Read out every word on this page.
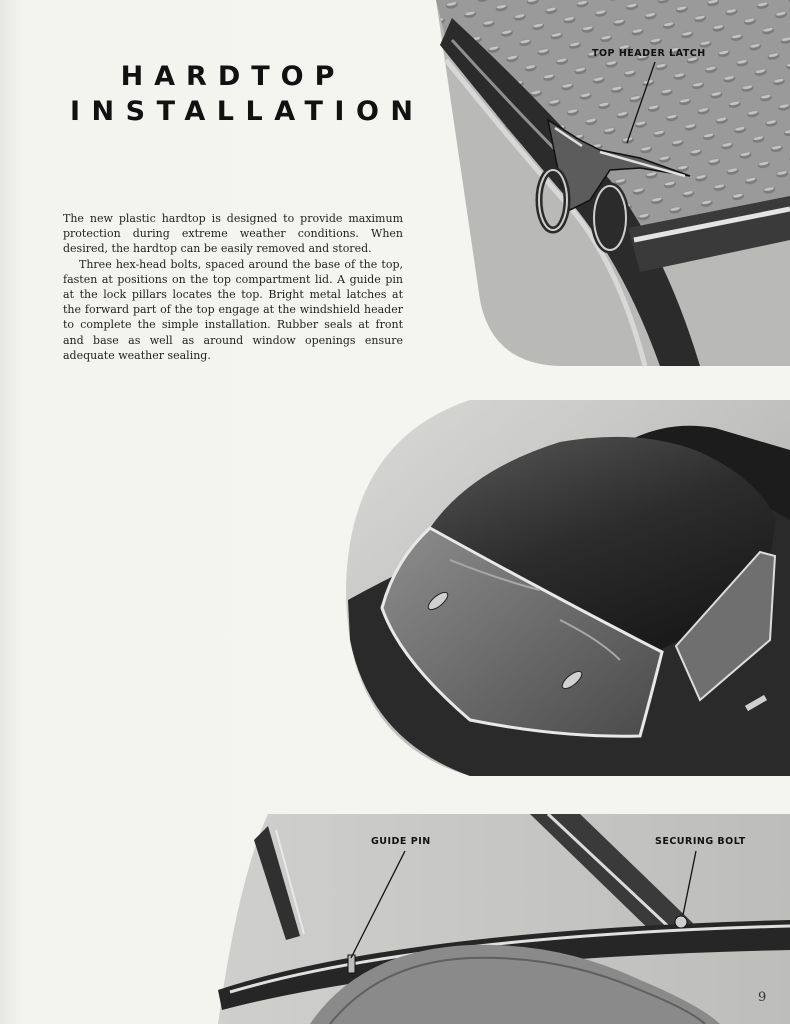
HARDTOP
INSTALLATION

The new plastic hardtop is designed to provide maximum protection during extreme weather conditions. When desired, the hardtop can be easily removed and stored.

Three hex-head bolts, spaced around the base of the top, fasten at positions on the top compartment lid. A guide pin at the lock pillars locates the top. Bright metal latches at the forward part of the top engage at the windshield header to complete the simple installation. Rubber seals at front and base as well as around window openings ensure adequate weather sealing.

TOP HEADER LATCH
GUIDE PIN	SECURING BOLT
9
